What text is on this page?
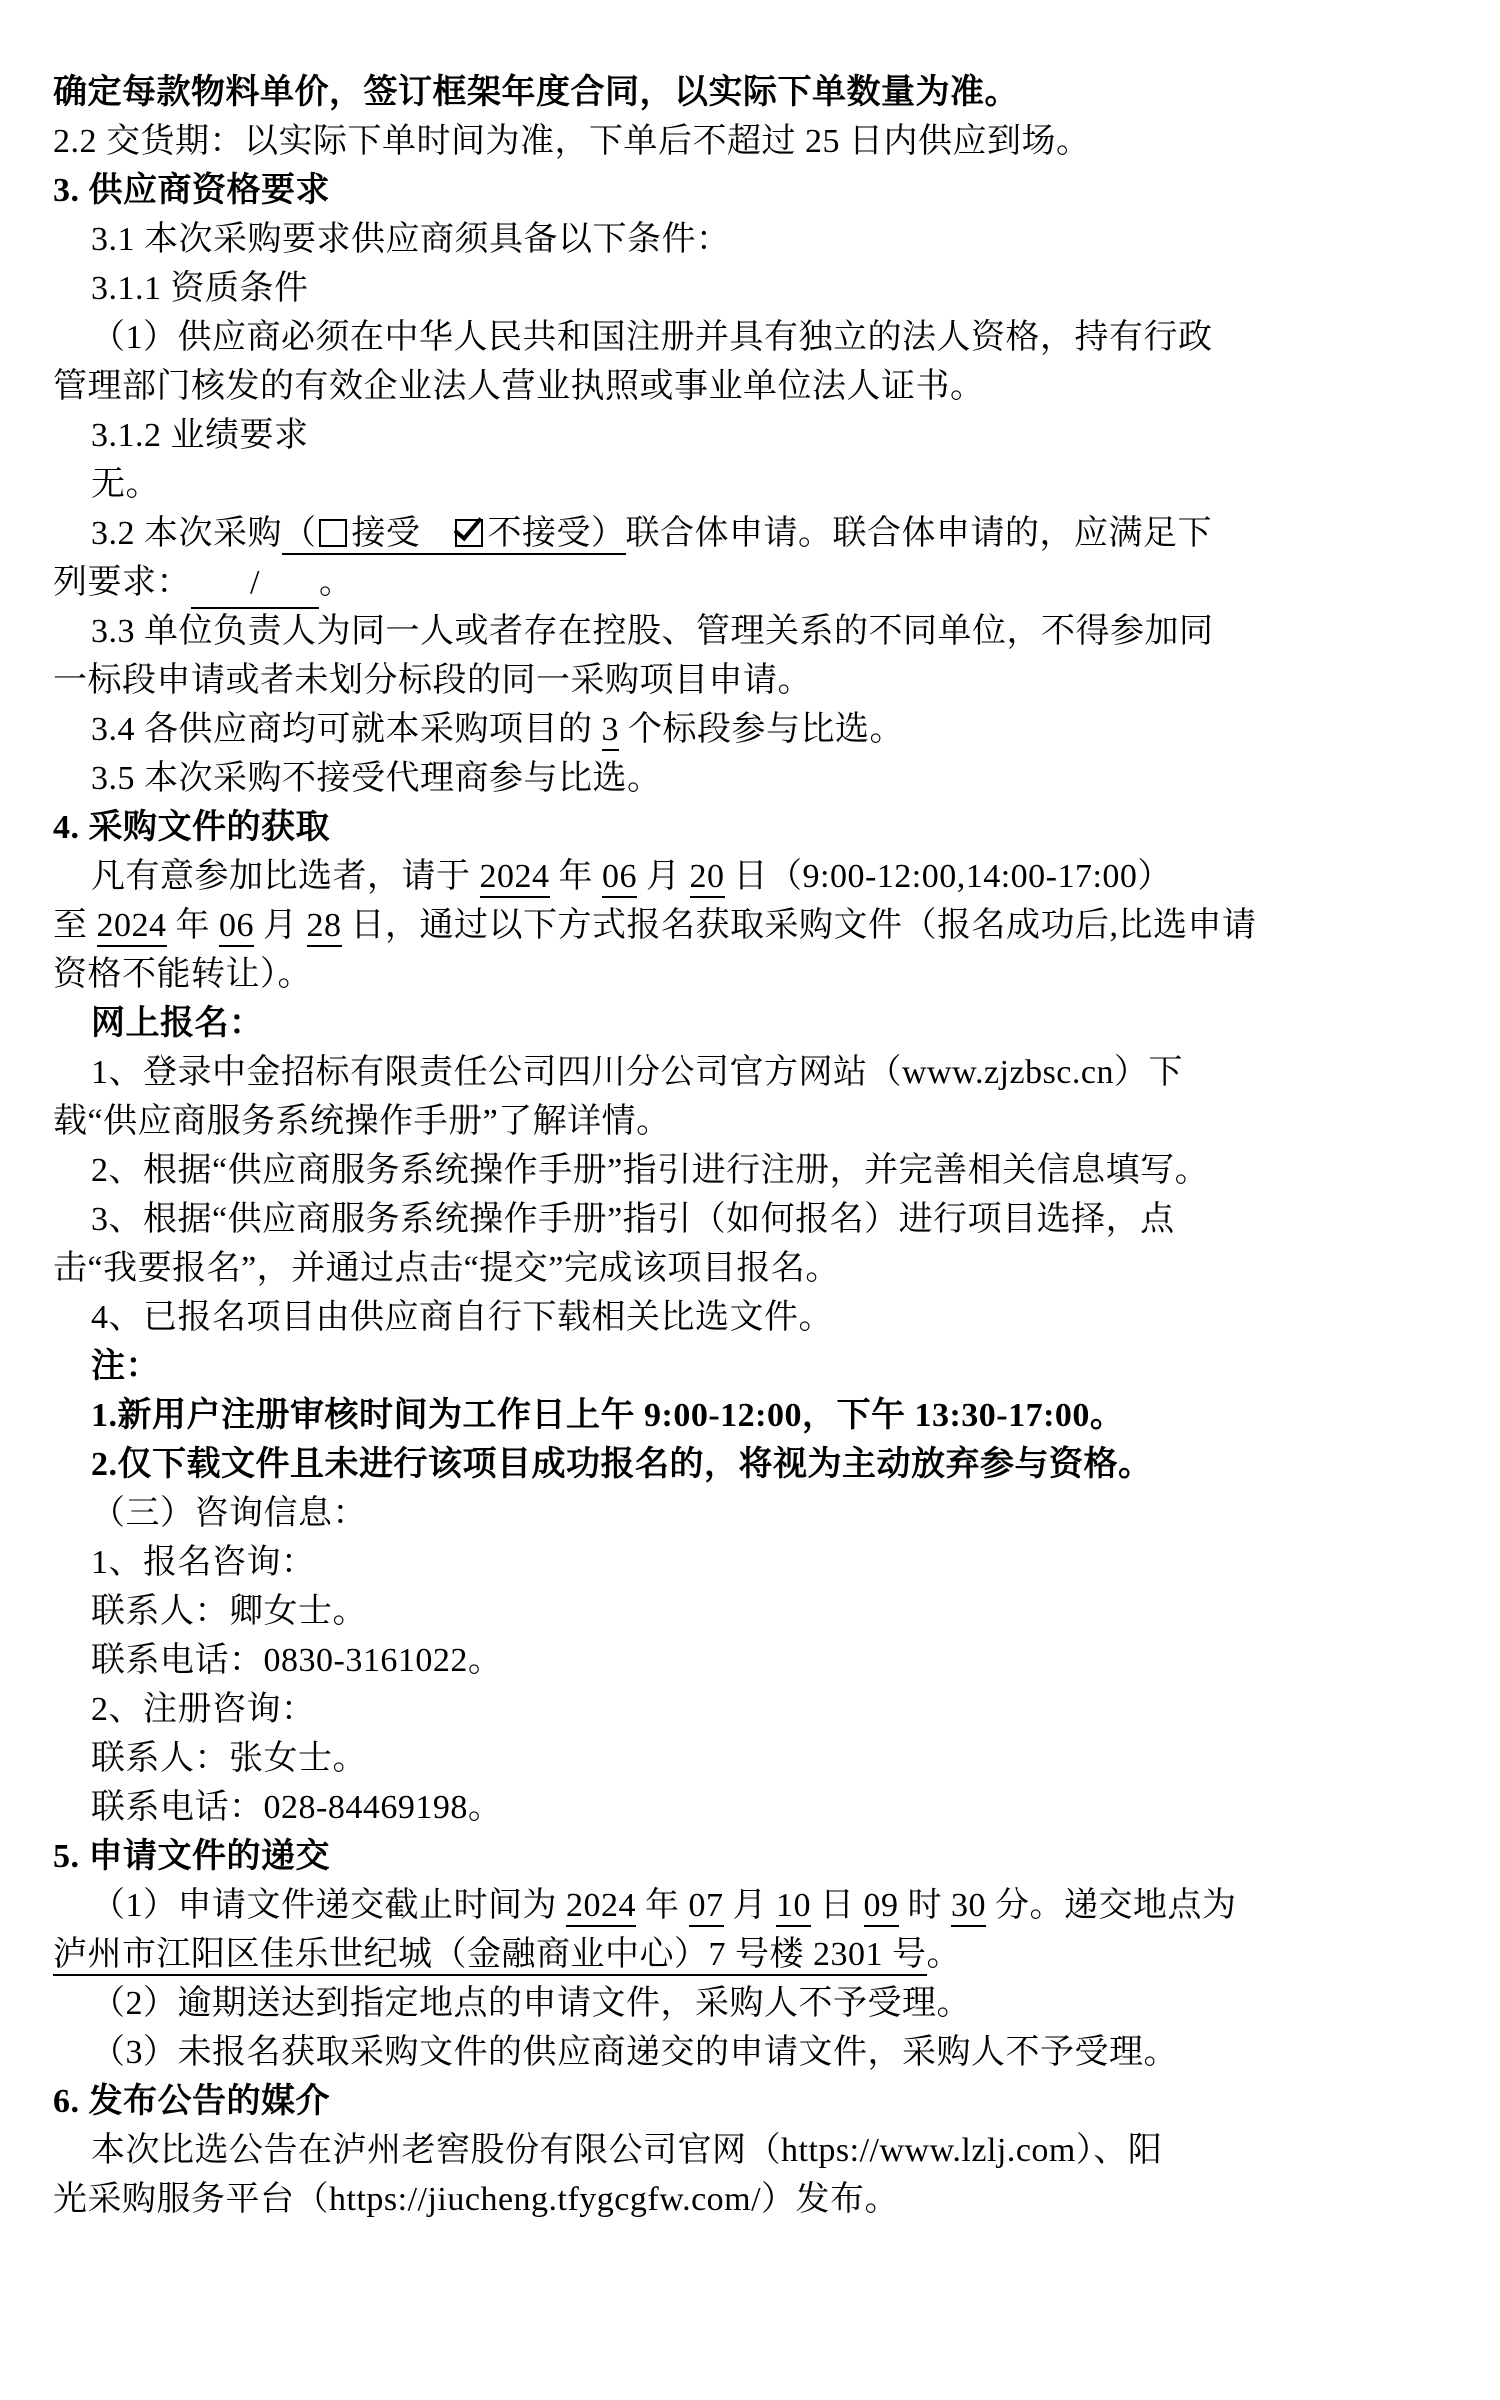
确定每款物料单价，签订框架年度合同，以实际下单数量为准。
2.2 交货期：以实际下单时间为准，下单后不超过 25 日内供应到场。
3. 供应商资格要求
3.1 本次采购要求供应商须具备以下条件：
3.1.1 资质条件
（1）供应商必须在中华人民共和国注册并具有独立的法人资格，持有行政
管理部门核发的有效企业法人营业执照或事业单位法人证书。
3.1.2 业绩要求
无。
3.2 本次采购（ 接受 不接受）联合体申请。联合体申请的，应满足下
列要求： / 。
3.3 单位负责人为同一人或者存在控股、管理关系的不同单位，不得参加同
一标段申请或者未划分标段的同一采购项目申请。
3.4 各供应商均可就本采购项目的 3 个标段参与比选。
3.5 本次采购不接受代理商参与比选。
4. 采购文件的获取
凡有意参加比选者，请于 2024 年 06 月 20 日（9:00-12:00,14:00-17:00）
至 2024 年 06 月 28 日，通过以下方式报名获取采购文件（报名成功后,比选申请
资格不能转让）。
网上报名：
1、登录中金招标有限责任公司四川分公司官方网站（www.zjzbsc.cn）下
载“供应商服务系统操作手册”了解详情。
2、根据“供应商服务系统操作手册”指引进行注册，并完善相关信息填写。
3、根据“供应商服务系统操作手册”指引（如何报名）进行项目选择，点
击“我要报名”，并通过点击“提交”完成该项目报名。
4、已报名项目由供应商自行下载相关比选文件。
注：
1.新用户注册审核时间为工作日上午 9:00-12:00，下午 13:30-17:00。
2.仅下载文件且未进行该项目成功报名的，将视为主动放弃参与资格。
（三）咨询信息：
1、报名咨询：
联系人：卿女士。
联系电话：0830-3161022。
2、注册咨询：
联系人：张女士。
联系电话：028-84469198。
5. 申请文件的递交
（1）申请文件递交截止时间为 2024 年 07 月 10 日 09 时 30 分。递交地点为
泸州市江阳区佳乐世纪城（金融商业中心）7 号楼 2301 号。
（2）逾期送达到指定地点的申请文件，采购人不予受理。
（3）未报名获取采购文件的供应商递交的申请文件，采购人不予受理。
6. 发布公告的媒介
本次比选公告在泸州老窖股份有限公司官网（https://www.lzlj.com）、阳
光采购服务平台（https://jiucheng.tfygcgfw.com/）发布。
